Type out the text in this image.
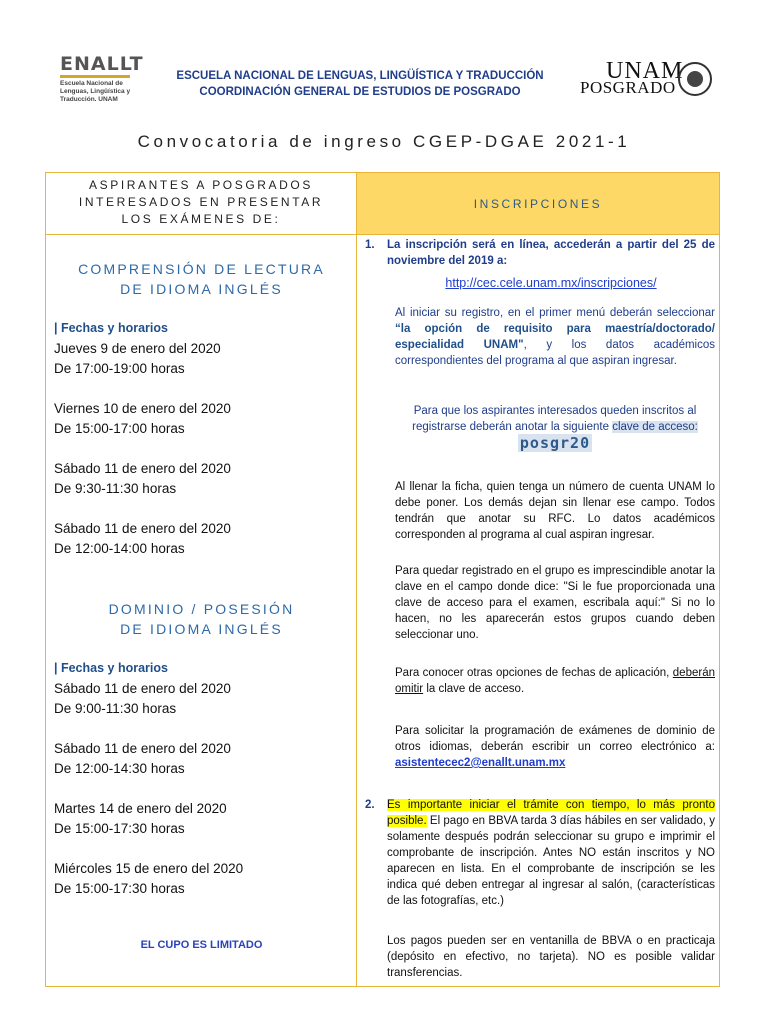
ENALLT
Escuela Nacional de Lenguas, Lingüística y Traducción. UNAM
ESCUELA NACIONAL DE LENGUAS, LINGÜÍSTICA Y TRADUCCIÓN
COORDINACIÓN GENERAL DE ESTUDIOS DE POSGRADO
UNAM
POSGRADO
Convocatoria de ingreso CGEP-DGAE 2021-1
ASPIRANTES A POSGRADOS
INTERESADOS EN PRESENTAR
LOS EXÁMENES DE:
INSCRIPCIONES
COMPRENSIÓN DE LECTURA
DE IDIOMA INGLÉS
| Fechas y horarios
Jueves 9 de enero del 2020
De 17:00-19:00 horas
Viernes 10 de enero del 2020
De 15:00-17:00 horas
Sábado 11 de enero del 2020
De 9:30-11:30 horas
Sábado 11 de enero del 2020
De 12:00-14:00 horas
DOMINIO / POSESIÓN
DE IDIOMA INGLÉS
| Fechas y horarios
Sábado 11 de enero del 2020
De 9:00-11:30 horas
Sábado 11 de enero del 2020
De 12:00-14:30 horas
Martes 14 de enero del 2020
De 15:00-17:30 horas
Miércoles 15 de enero del 2020
De 15:00-17:30 horas
EL CUPO ES LIMITADO
1. La inscripción será en línea, accederán a partir del 25 de noviembre del 2019 a:
http://cec.cele.unam.mx/inscripciones/
Al iniciar su registro, en el primer menú deberán seleccionar “la opción de requisito para maestría/doctorado/ especialidad UNAM", y los datos académicos correspondientes del programa al que aspiran ingresar.
Para que los aspirantes interesados queden inscritos al registrarse deberán anotar la siguiente clave de acceso:
posgr20
Al llenar la ficha, quien tenga un número de cuenta UNAM lo debe poner. Los demás dejan sin llenar ese campo. Todos tendrán que anotar su RFC. Lo datos académicos corresponden al programa al cual aspiran ingresar.
Para quedar registrado en el grupo es imprescindible anotar la clave en el campo donde dice: "Si le fue proporcionada una clave de acceso para el examen, escribala aquí:" Si no lo hacen, no les aparecerán estos grupos cuando deben seleccionar uno.
Para conocer otras opciones de fechas de aplicación, deberán omitir la clave de acceso.
Para solicitar la programación de exámenes de dominio de otros idiomas, deberán escribir un correo electrónico a: asistentecec2@enallt.unam.mx
2. Es importante iniciar el trámite con tiempo, lo más pronto posible. El pago en BBVA tarda 3 días hábiles en ser validado, y solamente después podrán seleccionar su grupo e imprimir el comprobante de inscripción. Antes NO están inscritos y NO aparecen en lista. En el comprobante de inscripción se les indica qué deben entregar al ingresar al salón, (características de las fotografías, etc.)
Los pagos pueden ser en ventanilla de BBVA o en practicaja (depósito en efectivo, no tarjeta). NO es posible validar transferencias.
